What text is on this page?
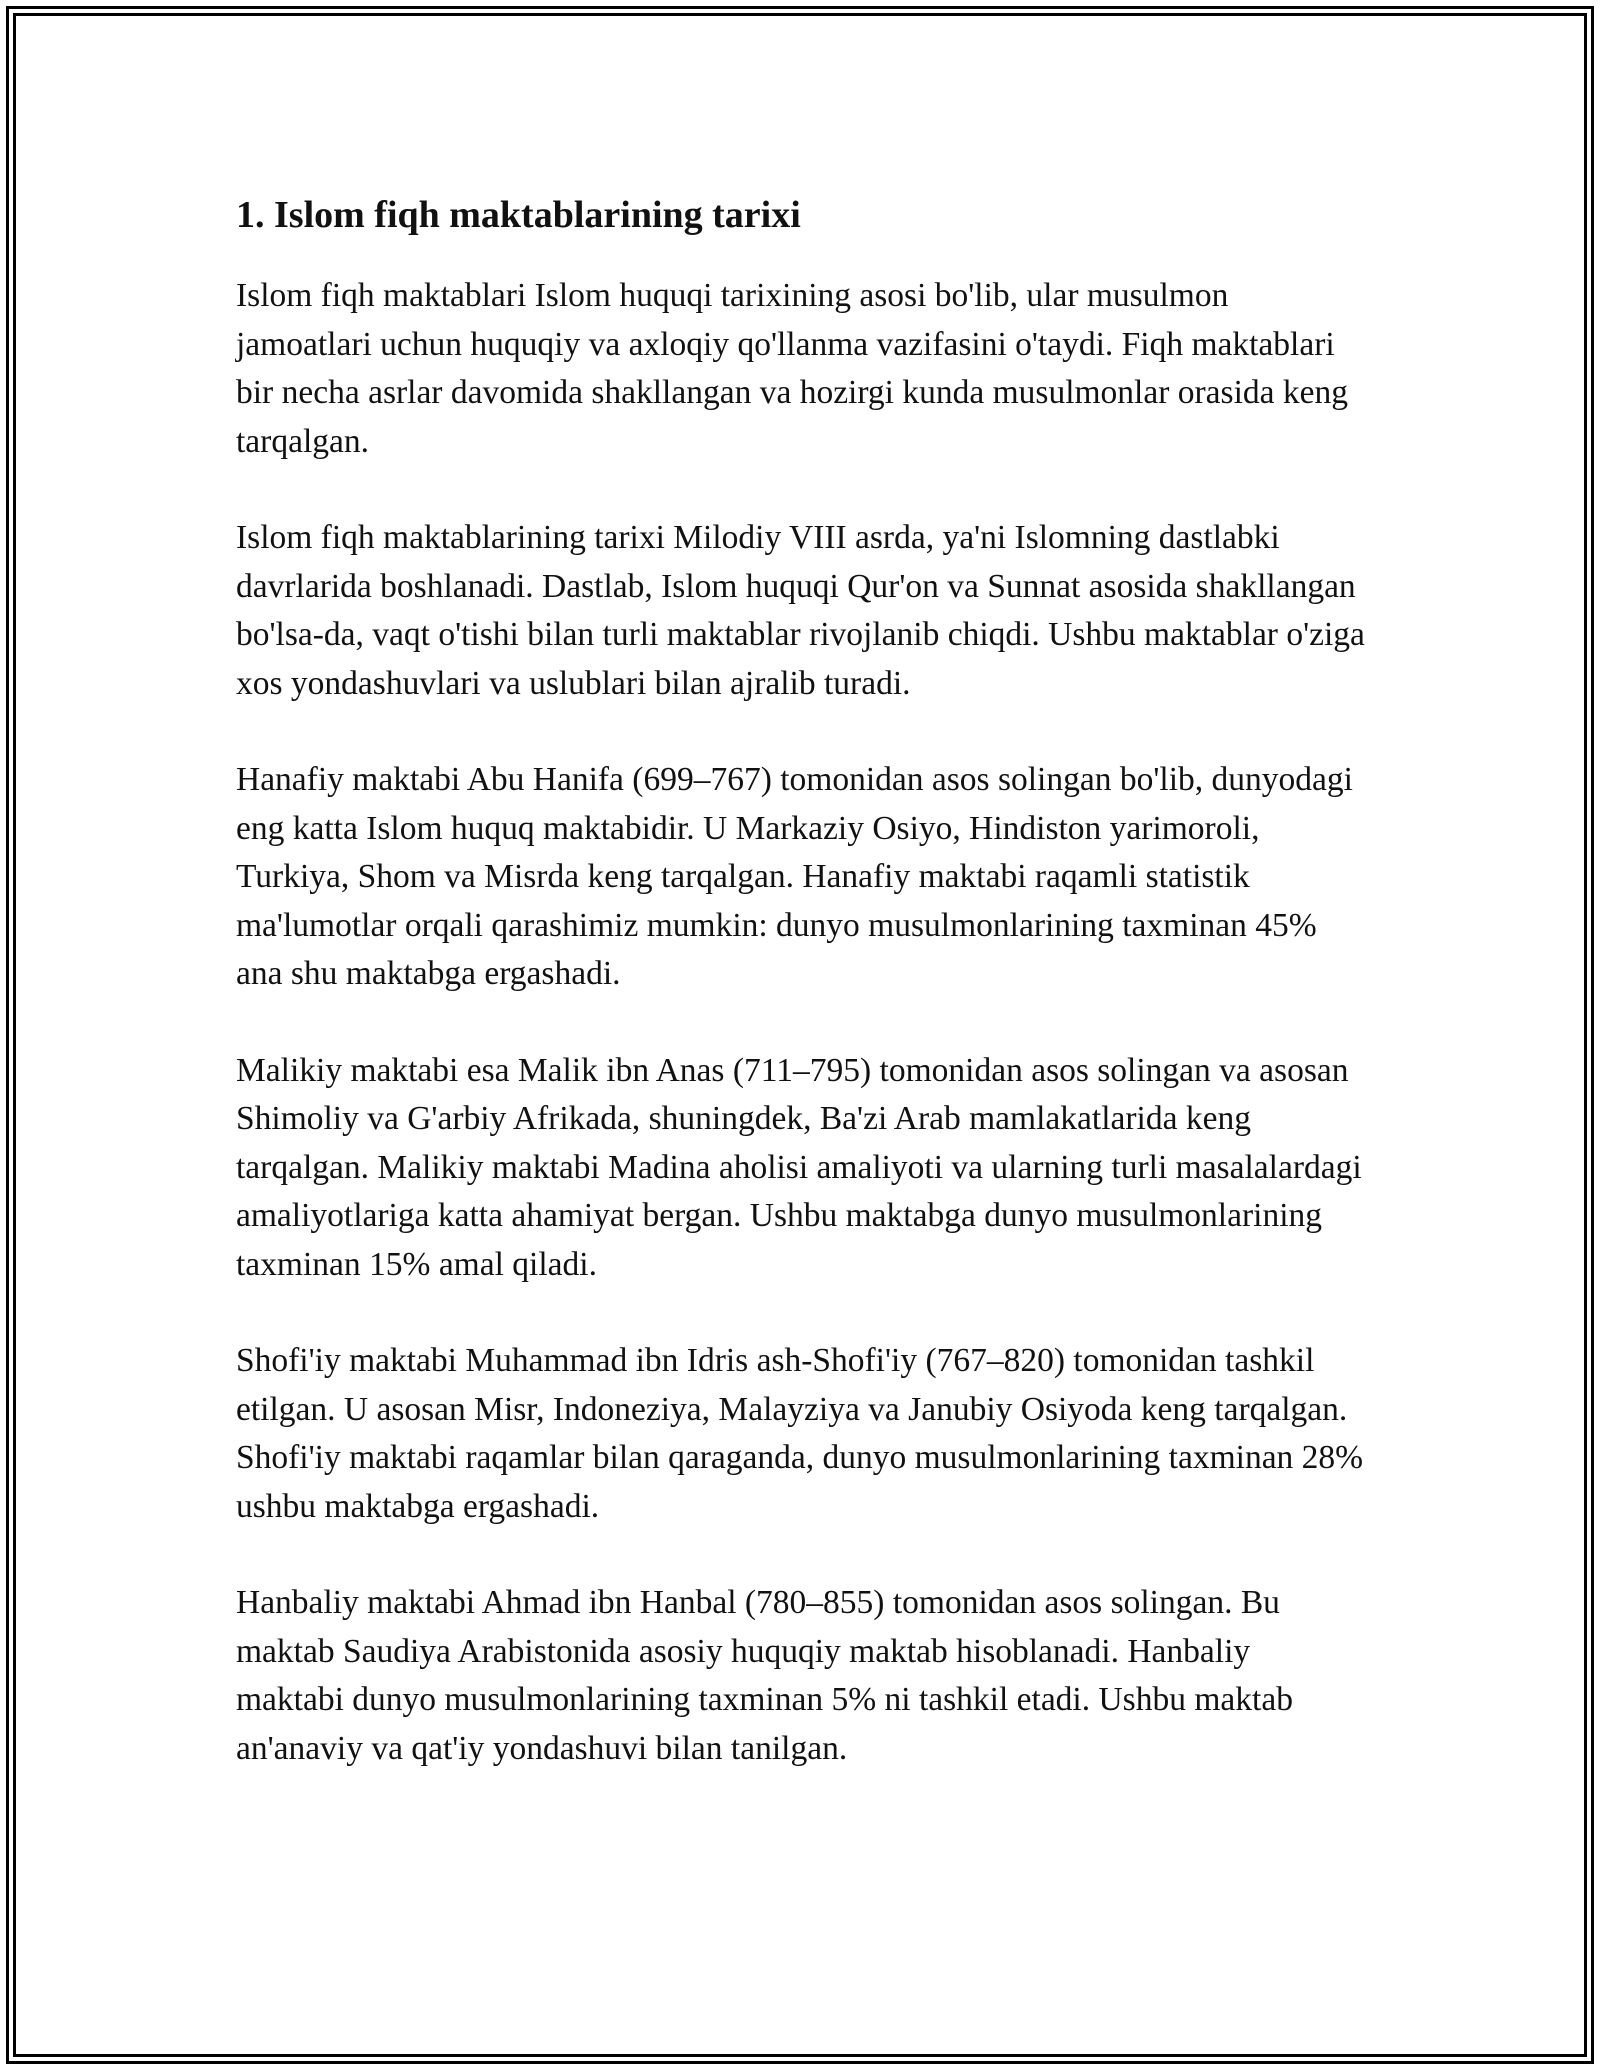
1. Islom fiqh maktablarining tarixi

Islom fiqh maktablari Islom huquqi tarixining asosi bo'lib, ular musulmon jamoatlari uchun huquqiy va axloqiy qo'llanma vazifasini o'taydi. Fiqh maktablari bir necha asrlar davomida shakllangan va hozirgi kunda musulmonlar orasida keng tarqalgan.

Islom fiqh maktablarining tarixi Milodiy VIII asrda, ya'ni Islomning dastlabki davrlarida boshlanadi. Dastlab, Islom huquqi Qur'on va Sunnat asosida shakllangan bo'lsa-da, vaqt o'tishi bilan turli maktablar rivojlanib chiqdi. Ushbu maktablar o'ziga xos yondashuvlari va uslublari bilan ajralib turadi.

Hanafiy maktabi Abu Hanifa (699–767) tomonidan asos solingan bo'lib, dunyodagi eng katta Islom huquq maktabidir. U Markaziy Osiyo, Hindiston yarimoroli, Turkiya, Shom va Misrda keng tarqalgan. Hanafiy maktabi raqamli statistik ma'lumotlar orqali qarashimiz mumkin: dunyo musulmonlarining taxminan 45% ana shu maktabga ergashadi.

Malikiy maktabi esa Malik ibn Anas (711–795) tomonidan asos solingan va asosan Shimoliy va G'arbiy Afrikada, shuningdek, Ba'zi Arab mamlakatlarida keng tarqalgan. Malikiy maktabi Madina aholisi amaliyoti va ularning turli masalalardagi amaliyotlariga katta ahamiyat bergan. Ushbu maktabga dunyo musulmonlarining taxminan 15% amal qiladi.

Shofi'iy maktabi Muhammad ibn Idris ash-Shofi'iy (767–820) tomonidan tashkil etilgan. U asosan Misr, Indoneziya, Malayziya va Janubiy Osiyoda keng tarqalgan. Shofi'iy maktabi raqamlar bilan qaraganda, dunyo musulmonlarining taxminan 28% ushbu maktabga ergashadi.

Hanbaliy maktabi Ahmad ibn Hanbal (780–855) tomonidan asos solingan. Bu maktab Saudiya Arabistonida asosiy huquqiy maktab hisoblanadi. Hanbaliy maktabi dunyo musulmonlarining taxminan 5% ni tashkil etadi. Ushbu maktab an'anaviy va qat'iy yondashuvi bilan tanilgan.
